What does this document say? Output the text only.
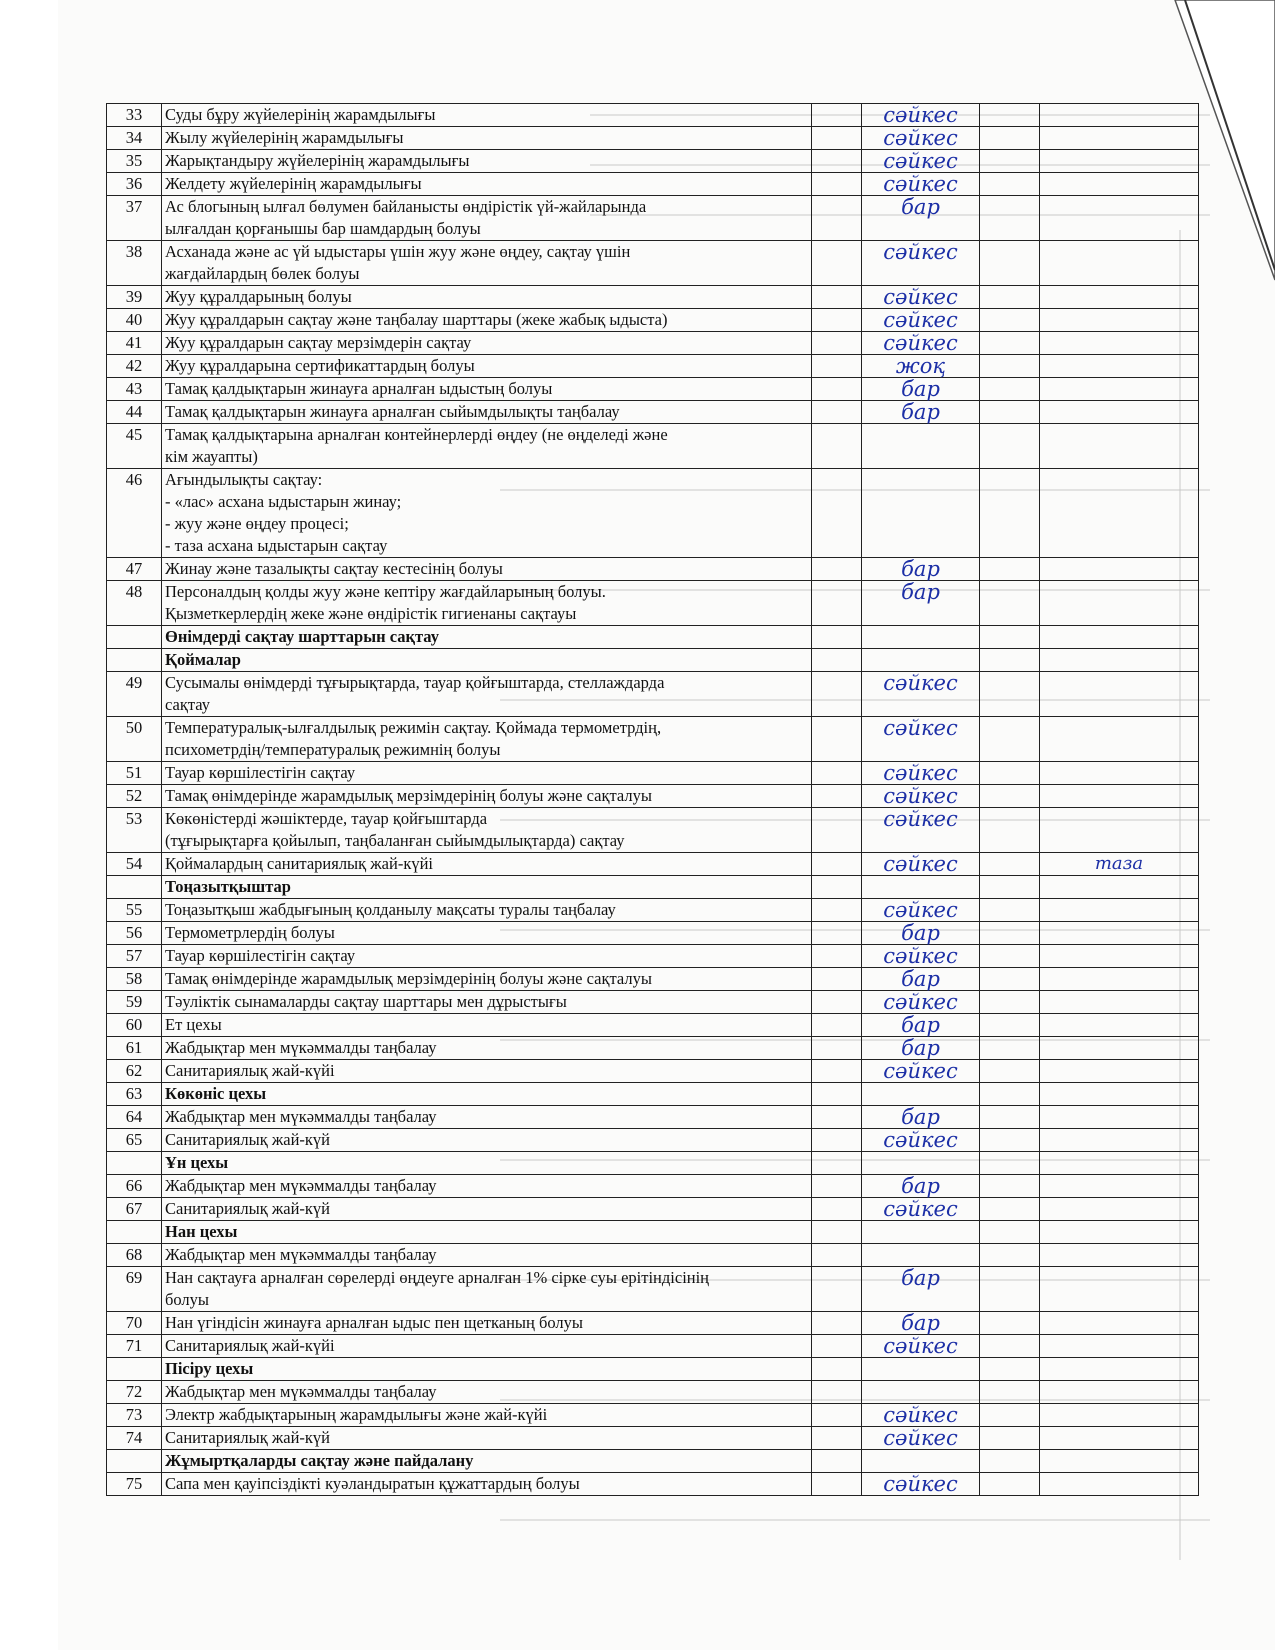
33	Суды бұру жүйелерінің жарамдылығы		сәйкес		
34	Жылу жүйелерінің жарамдылығы		сәйкес		
35	Жарықтандыру жүйелерінің жарамдылығы		сәйкес		
36	Желдету жүйелерінің жарамдылығы		сәйкес		
37	Ас блогының ылғал бөлумен байланысты өндірістік үй-жайларында
ылғалдан қорғанышы бар шамдардың болуы		бар		
38	Асханада және ас үй ыдыстары үшін жуу және өңдеу, сақтау үшін
жағдайлардың бөлек болуы		сәйкес		
39	Жуу құралдарының болуы		сәйкес		
40	Жуу құралдарын сақтау және таңбалау шарттары (жеке жабық ыдыста)		сәйкес		
41	Жуу құралдарын сақтау мерзімдерін сақтау		сәйкес		
42	Жуу құралдарына сертификаттардың болуы		жоқ		
43	Тамақ қалдықтарын жинауға арналған ыдыстың болуы		бар		
44	Тамақ қалдықтарын жинауға арналған сыйымдылықты таңбалау		бар		
45	Тамақ қалдықтарына арналған контейнерлерді өңдеу (не өңделеді және
кім жауапты)				

46	Ағындылықты сақтау:
- «лас» асхана ыдыстарын жинау;
- жуу және өңдеу процесі;
- таза асхана ыдыстарын сақтау				

47	Жинау және тазалықты сақтау кестесінің болуы		бар		
48	Персоналдың қолды жуу және кептіру жағдайларының болуы.
Қызметкерлердің жеке және өндірістік гигиенаны сақтауы		бар		

	Өнімдерді сақтау шарттарын сақтау				

	Қоймалар				

49	Сусымалы өнімдерді тұғырықтарда, тауар қойғыштарда, стеллаждарда
сақтау		сәйкес		
50	Температуралық-ылғалдылық режимін сақтау. Қоймада термометрдің,
психометрдің/температуралық режимнің болуы		сәйкес		
51	Тауар көршілестігін сақтау		сәйкес		
52	Тамақ өнімдерінде жарамдылық мерзімдерінің болуы және сақталуы		сәйкес		
53	Көкөністерді жәшіктерде, тауар қойғыштарда
(тұғырықтарға қойылып, таңбаланған сыйымдылықтарда) сақтау		сәйкес		
54	Қоймалардың санитариялық жай-күйі		сәйкес		таза

	Тоңазытқыштар				

55	Тоңазытқыш жабдығының қолданылу мақсаты туралы таңбалау		сәйкес		
56	Термометрлердің болуы		бар		
57	Тауар көршілестігін сақтау		сәйкес		
58	Тамақ өнімдерінде жарамдылық мерзімдерінің болуы және сақталуы		бар		
59	Тәуліктік сынамаларды сақтау шарттары мен дұрыстығы		сәйкес		
60	Ет цехы		бар		
61	Жабдықтар мен мүкәммалды таңбалау		бар		
62	Санитариялық жай-күйі		сәйкес		
63	Көкөніс цехы				

64	Жабдықтар мен мүкәммалды таңбалау		бар		
65	Санитариялық жай-күй		сәйкес		

	Ұн цехы				

66	Жабдықтар мен мүкәммалды таңбалау		бар		
67	Санитариялық жай-күй		сәйкес		

	Нан цехы				

68	Жабдықтар мен мүкәммалды таңбалау				

69	Нан сақтауға арналған сөрелерді өңдеуге арналған 1% сірке суы ерітіндісінің
болуы		бар		
70	Нан үгіндісін жинауға арналған ыдыс пен щетканың болуы		бар		
71	Санитариялық жай-күйі		сәйкес		

	Пісіру цехы				

72	Жабдықтар мен мүкәммалды таңбалау				

73	Электр жабдықтарының жарамдылығы және жай-күйі		сәйкес		
74	Санитариялық жай-күй		сәйкес		

	Жұмыртқаларды сақтау және пайдалану				

75	Сапа мен қауіпсіздікті куәландыратын құжаттардың болуы		сәйкес		
